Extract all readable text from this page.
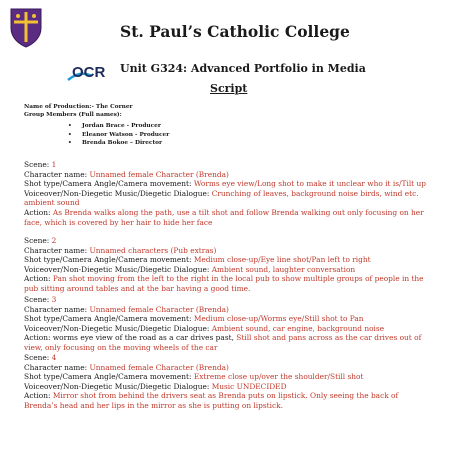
St. Paul’s Catholic College
OCR Unit G324: Advanced Portfolio in Media
Script
Name of Production:- The Corner
Group Members (Full names):
• Jordan Brace - Producer
• Eleanor Watson - Producer
• Brenda Bokoe – Director
Scene: 1
Character name: Unnamed female Character (Brenda)
Shot type/Camera Angle/Camera movement: Worms eye view/Long shot to make it unclear who it is/Tilt up
Voiceover/Non-Diegetic Music/Diegetic Dialogue: Crunching of leaves, background noise birds, wind etc. ambient sound
Action: As Brenda walks along the path, use a tilt shot and follow Brenda walking out only focusing on her face, which is covered by her hair to hide her face
Scene: 2
Character name: Unnamed characters (Pub extras)
Shot type/Camera Angle/Camera movement: Medium close-up/Eye line shot/Pan left to right
Voiceover/Non-Diegetic Music/Diegetic Dialogue: Ambient sound, laughter conversation
Action: Pan shot moving from the left to the right in the local pub to show multiple groups of people in the pub sitting around tables and at the bar having a good time.
Scene: 3
Character name: Unnamed female Character (Brenda)
Shot type/Camera Angle/Camera movement: Medium close-up/Worms eye/Still shot to Pan
Voiceover/Non-Diegetic Music/Diegetic Dialogue: Ambient sound, car engine, background noise
Action: worms eye view of the road as a car drives past, Still shot and pans across as the car drives out of view, only focusing on the moving wheels of the car
Scene: 4
Character name: Unnamed female Character (Brenda)
Shot type/Camera Angle/Camera movement: Extreme close up/over the shoulder/Still shot
Voiceover/Non-Diegetic Music/Diegetic Dialogue: Music UNDECIDED
Action: Mirror shot from behind the drivers seat as Brenda puts on lipstick. Only seeing the back of Brenda’s head and her lips in the mirror as she is putting on lipstick.
